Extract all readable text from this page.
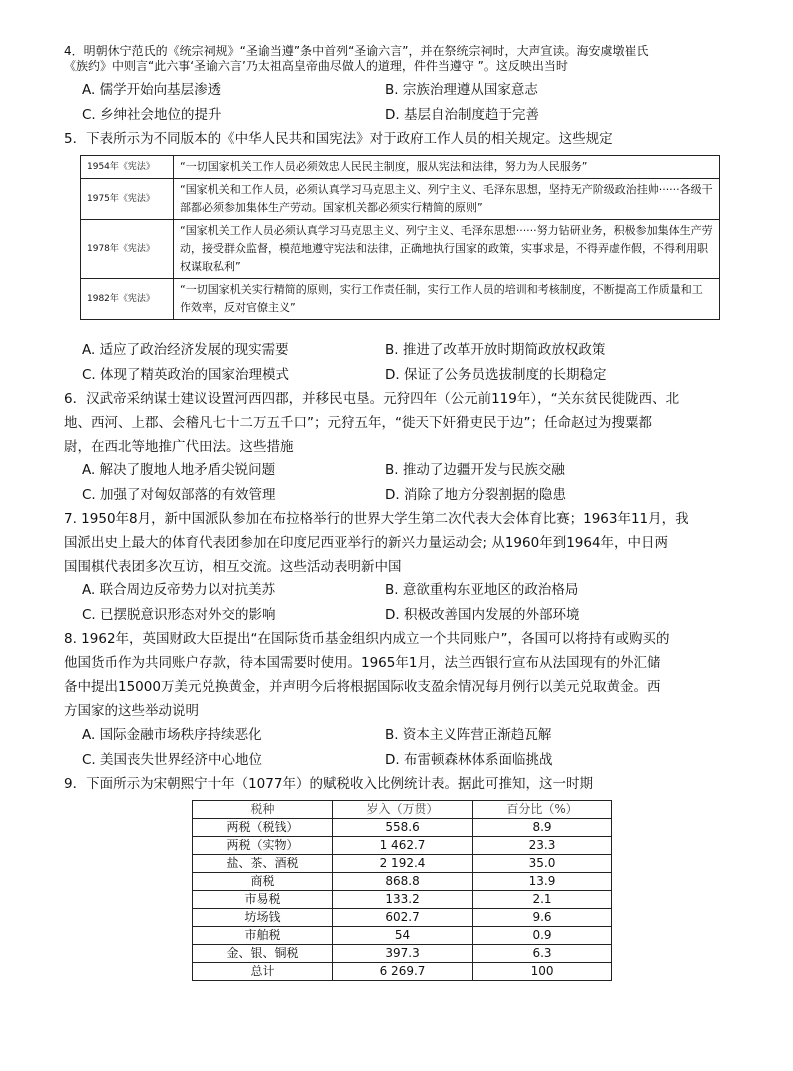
4．明朝休宁范氏的《统宗祠规》“圣谕当遵”条中首列“圣谕六言”，并在祭统宗祠时，大声宣读。海安虞墩崔氏
《族约》中则言“此六事‘圣谕六言’乃太祖高皇帝曲尽做人的道理，件件当遵守 ”。这反映出当时
A. 儒学开始向基层渗透	B. 宗族治理遵从国家意志
C. 乡绅社会地位的提升	D. 基层自治制度趋于完善
5．下表所示为不同版本的《中华人民共和国宪法》对于政府工作人员的相关规定。这些规定
1954年《宪法》	“一切国家机关工作人员必须效忠人民民主制度，服从宪法和法律，努力为人民服务”
1975年《宪法》	“国家机关和工作人员，必须认真学习马克思主义、列宁主义、毛泽东思想，坚持无产阶级政治挂帅······各级干部都必须参加集体生产劳动。国家机关都必须实行精简的原则”
1978年《宪法》	“国家机关工作人员必须认真学习马克思主义、列宁主义、毛泽东思想······努力钻研业务，积极参加集体生产劳动，接受群众监督，模范地遵守宪法和法律，正确地执行国家的政策，实事求是，不得弄虚作假，不得利用职权谋取私利”
1982年《宪法》	“一切国家机关实行精简的原则，实行工作责任制，实行工作人员的培训和考核制度，不断提高工作质量和工作效率，反对官僚主义”
A. 适应了政治经济发展的现实需要	B. 推进了改革开放时期简政放权政策
C. 体现了精英政治的国家治理模式	D. 保证了公务员选拔制度的长期稳定
6．汉武帝采纳谋士建议设置河西四郡，并移民屯垦。元狩四年（公元前119年），“关东贫民徙陇西、北
地、西河、上郡、会稽凡七十二万五千口”；元狩五年，“徙天下奸猾吏民于边”；任命赵过为搜粟都
尉，在西北等地推广代田法。这些措施
A. 解决了腹地人地矛盾尖锐问题	B. 推动了边疆开发与民族交融
C. 加强了对匈奴部落的有效管理	D. 消除了地方分裂割据的隐患
7. 1950年8月，新中国派队参加在布拉格举行的世界大学生第二次代表大会体育比赛；1963年11月，我
国派出史上最大的体育代表团参加在印度尼西亚举行的新兴力量运动会; 从1960年到1964年，中日两
国围棋代表团多次互访，相互交流。这些活动表明新中国
A. 联合周边反帝势力以对抗美苏	B. 意欲重构东亚地区的政治格局
C. 已摆脱意识形态对外交的影响	D. 积极改善国内发展的外部环境
8. 1962年，英国财政大臣提出“在国际货币基金组织内成立一个共同账户”，各国可以将持有或购买的
他国货币作为共同账户存款，待本国需要时使用。1965年1月，法兰西银行宣布从法国现有的外汇储
备中提出15000万美元兑换黄金，并声明今后将根据国际收支盈余情况每月例行以美元兑取黄金。西
方国家的这些举动说明
A. 国际金融市场秩序持续恶化	B. 资本主义阵营正渐趋瓦解
C. 美国丧失世界经济中心地位	D. 布雷顿森林体系面临挑战
9．下面所示为宋朝熙宁十年（1077年）的赋税收入比例统计表。据此可推知，这一时期
税种	岁入（万贯）	百分比（%）
两税（税钱）	558.6	8.9
两税（实物）	1 462.7	23.3
盐、茶、酒税	2 192.4	35.0
商税	868.8	13.9
市易税	133.2	2.1
坊场钱	602.7	9.6
市舶税	54	0.9
金、银、铜税	397.3	6.3
总计	6 269.7	100
